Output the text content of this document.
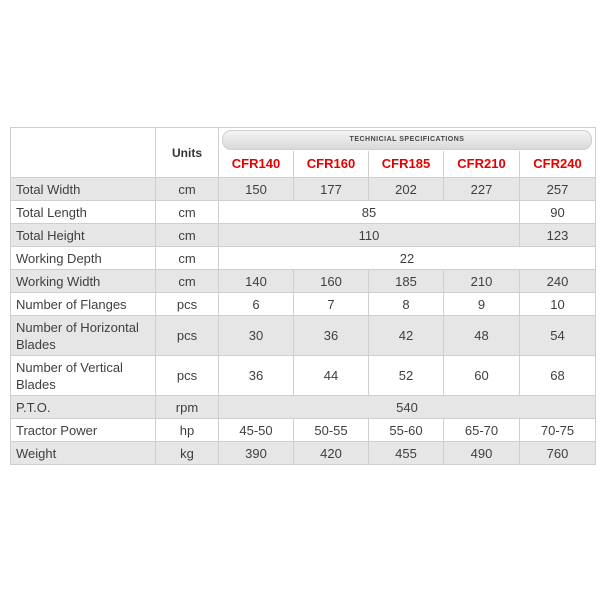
	Units	TECHNICIAL SPECIFICATIONS				

		CFR140	CFR160	CFR185	CFR210	CFR240
Total Width	cm	150	177	202	227	257
Total Length	cm	85				90
Total Height	cm	110				123
Working Depth	cm	22				
Working Width	cm	140	160	185	210	240
Number of Flanges	pcs	6	7	8	9	10
Number of Horizontal
Blades	pcs	30	36	42	48	54
Number of Vertical
Blades	pcs	36	44	52	60	68
P.T.O.	rpm	540				
Tractor Power	hp	45-50	50-55	55-60	65-70	70-75
Weight	kg	390	420	455	490	760
